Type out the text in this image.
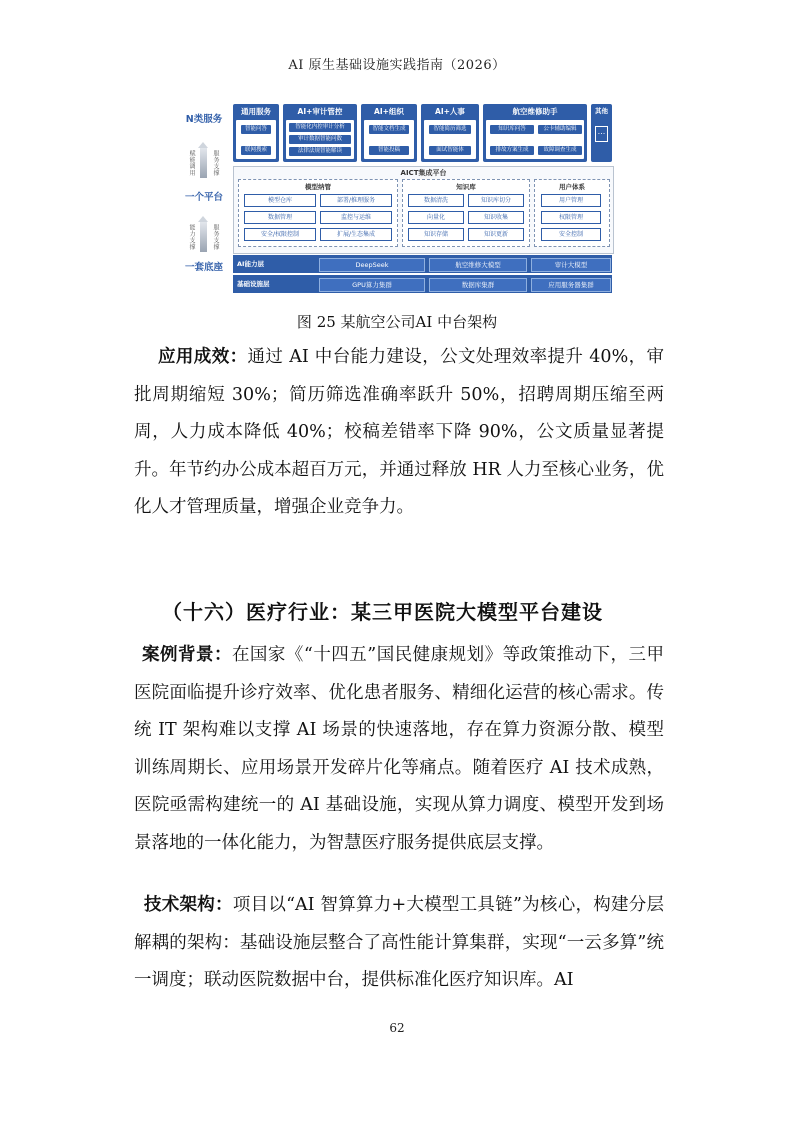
AI 原生基础设施实践指南（2026）
N类服务
赋能调用	服务支撑
一个平台
能力支撑	服务支撑
一套底座
通用服务
智能问答
联网搜索
AI+审计管控
智能化内控审计分析
审计数据智能问数
法律法规智能解读
AI+组织
智能文档生成
智能投稿
AI+人事
智能简历筛选
面试智能体
航空维修助手
知识库问答	公卡辅助编辑
排故方案生成	故障调查生成
其他
...
AICT集成平台
模型纳管
模型仓库	部署/推理服务
数据管理	监控与运维
安全/权限控制	扩展/生态集成
知识库
数据清洗	知识库切分
向量化	知识收集
知识存储	知识更新
用户体系
用户管理
权限管理
安全控制
AI能力层	DeepSeek	航空维修大模型	审计大模型
基础设施层	GPU算力集群	数据库集群	应用服务器集群
图 25 某航空公司AI 中台架构

应用成效：通过 AI 中台能力建设，公文处理效率提升 40%，审批周期缩短 30%；简历筛选准确率跃升 50%，招聘周期压缩至两周，人力成本降低 40%；校稿差错率下降 90%，公文质量显著提升。年节约办公成本超百万元，并通过释放 HR 人力至核心业务，优化人才管理质量，增强企业竞争力。

（十六）医疗行业：某三甲医院大模型平台建设

案例背景：在国家《“十四五”国民健康规划》等政策推动下，三甲医院面临提升诊疗效率、优化患者服务、精细化运营的核心需求。传统 IT 架构难以支撑 AI 场景的快速落地，存在算力资源分散、模型训练周期长、应用场景开发碎片化等痛点。随着医疗 AI 技术成熟，医院亟需构建统一的 AI 基础设施，实现从算力调度、模型开发到场景落地的一体化能力，为智慧医疗服务提供底层支撑。

技术架构：项目以“AI 智算算力+大模型工具链”为核心，构建分层解耦的架构：基础设施层整合了高性能计算集群，实现“一云多算”统一调度；联动医院数据中台，提供标准化医疗知识库。AI

62
